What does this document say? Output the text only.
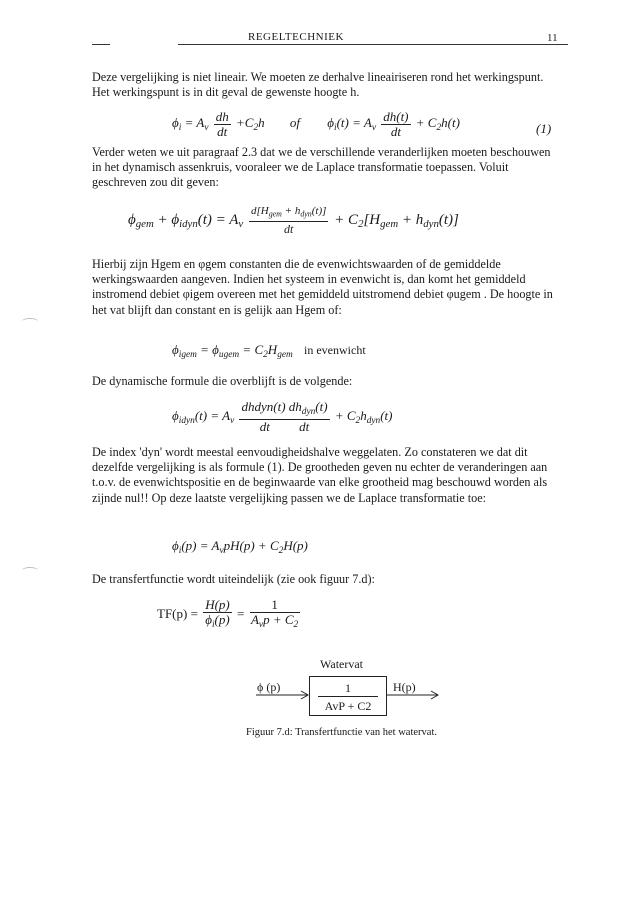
REGELTECHNIEK	11
Deze vergelijking is niet lineair. We moeten ze derhalve lineairiseren rond het werkingspunt. Het werkingspunt is in dit geval de gewenste hoogte h.
$\phi_i = A_v \frac{dh}{dt} +C_2h$ of $\phi_i(t) = A_v \frac{dh(t)}{dt} + C_2h(t)$	(1)
Verder weten we uit paragraaf 2.3 dat we de verschillende veranderlijken moeten beschouwen in het dynamisch assenkruis, vooraleer we de Laplace transformatie toepassen. Voluit geschreven zou dit geven:
$\phi_{gem} + \phi_{idyn}(t) = A_v \frac{d[H_{gem} + h_{dyn}(t)]}{dt} + C_2[H_{gem} + h_{dyn}(t)]$
Hierbij zijn Hgem en φgem constanten die de evenwichtswaarden of de gemiddelde werkingswaarden aangeven. Indien het systeem in evenwicht is, dan komt het gemiddeld instromend debiet φigem overeen met het gemiddeld uitstromend debiet φugem . De hoogte in het vat blijft dan constant en is gelijk aan Hgem of:
$\phi_{igem} = \phi_{ugem} = C_2H_{gem}$ in evenwicht
De dynamische formule die overblijft is de volgende:
$\phi_{idyn}(t) = A_v \frac{dhdyn(t) dh_{dyn}(t)}{\text{dt         dt}} + C_2h_{dyn}(t)$
De index 'dyn' wordt meestal eenvoudigheidshalve weggelaten. Zo constateren we dat dit dezelfde vergelijking is als formule (1). De grootheden geven nu echter de veranderingen aan t.o.v. de evenwichtspositie en de beginwaarde van elke grootheid mag beschouwd worden als zijnde nul!! Op deze laatste vergelijking passen we de Laplace transformatie toe:
$\phi_i(p) = A_vpH(p) + C_2H(p)$
De transfertfunctie wordt uiteindelijk (zie ook figuur 7.d):
$TF(p) = \frac{H(p)}{\phi_i(p)} = \frac{1}{A_vp + C_2}$
Watervat
ϕ (p)	H(p)
1
AvP + C2
Figuur 7.d: Transfertfunctie van het watervat.
